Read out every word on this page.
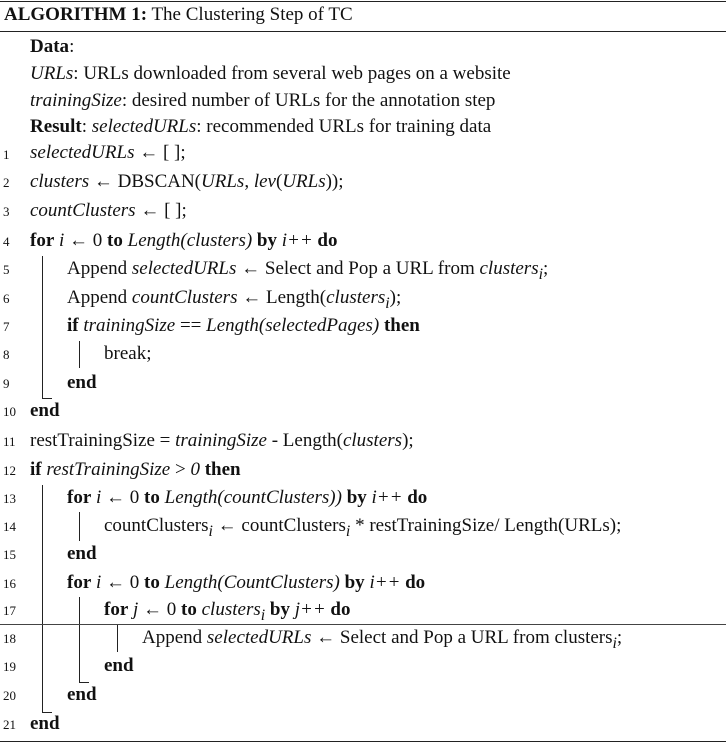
ALGORITHM 1: The Clustering Step of TC
Data:
URLs: URLs downloaded from several web pages on a website
trainingSize: desired number of URLs for the annotation step
Result: selectedURLs: recommended URLs for training data
1
2
3
4
5
6
7
8
9
10
11
12
13
14
15
16
17
18
19
20
21
selectedURLs ← [ ];
clusters ← DBSCAN(URLs, lev(URLs));
countClusters ← [ ];
for i ← 0 to Length(clusters) by i++ do
Append selectedURLs ← Select and Pop a URL from clusters$_i$;
Append countClusters ← Length(clusters$_i$);
if trainingSize == Length(selectedPages) then
break;
end
end
restTrainingSize = trainingSize - Length(clusters);
if restTrainingSize > 0 then
for i ← 0 to Length(countClusters)) by i++ do
countClusters$_i$ ← countClusters$_i$ * restTrainingSize/ Length(URLs);
end
for i ← 0 to Length(CountClusters) by i++ do
for j ← 0 to clusters$_i$ by j++ do
Append selectedURLs ← Select and Pop a URL from clusters$_i$;
end
end
end
